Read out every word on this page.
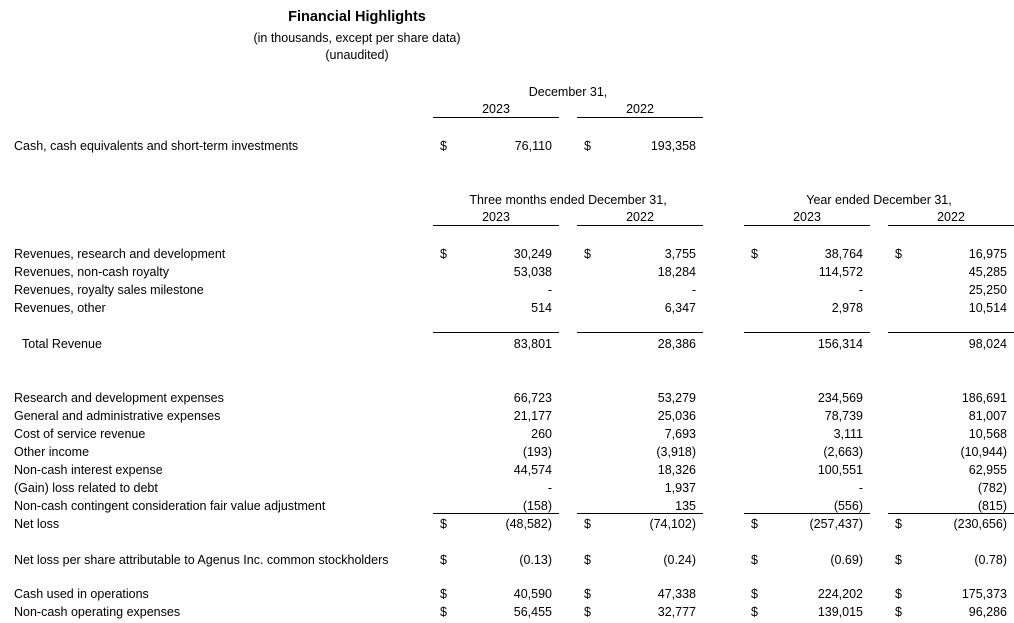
Financial Highlights
(in thousands, except per share data)
(unaudited)
December 31,
2023	2022
Cash, cash equivalents and short-term investments	$	76,110	$	193,358
Three months ended December 31,	Year ended December 31,
2023	2022	2023	2022
Revenues, research and development	$	30,249	$	3,755	$	38,764	$	16,975
Revenues, non-cash royalty	53,038	18,284	114,572	45,285
Revenues, royalty sales milestone	-	-	-	25,250
Revenues, other	514	6,347	2,978	10,514
Total Revenue	83,801	28,386	156,314	98,024
Research and development expenses	66,723	53,279	234,569	186,691
General and administrative expenses	21,177	25,036	78,739	81,007
Cost of service revenue	260	7,693	3,111	10,568
Other income	(193)	(3,918)	(2,663)	(10,944)
Non-cash interest expense	44,574	18,326	100,551	62,955
(Gain) loss related to debt	-	1,937	-	(782)
Non-cash contingent consideration fair value adjustment	(158)	135	(556)	(815)
Net loss	$	(48,582)	$	(74,102)	$	(257,437)	$	(230,656)
Net loss per share attributable to Agenus Inc. common stockholders	$	(0.13)	$	(0.24)	$	(0.69)	$	(0.78)
Cash used in operations	$	40,590	$	47,338	$	224,202	$	175,373
Non-cash operating expenses	$	56,455	$	32,777	$	139,015	$	96,286
